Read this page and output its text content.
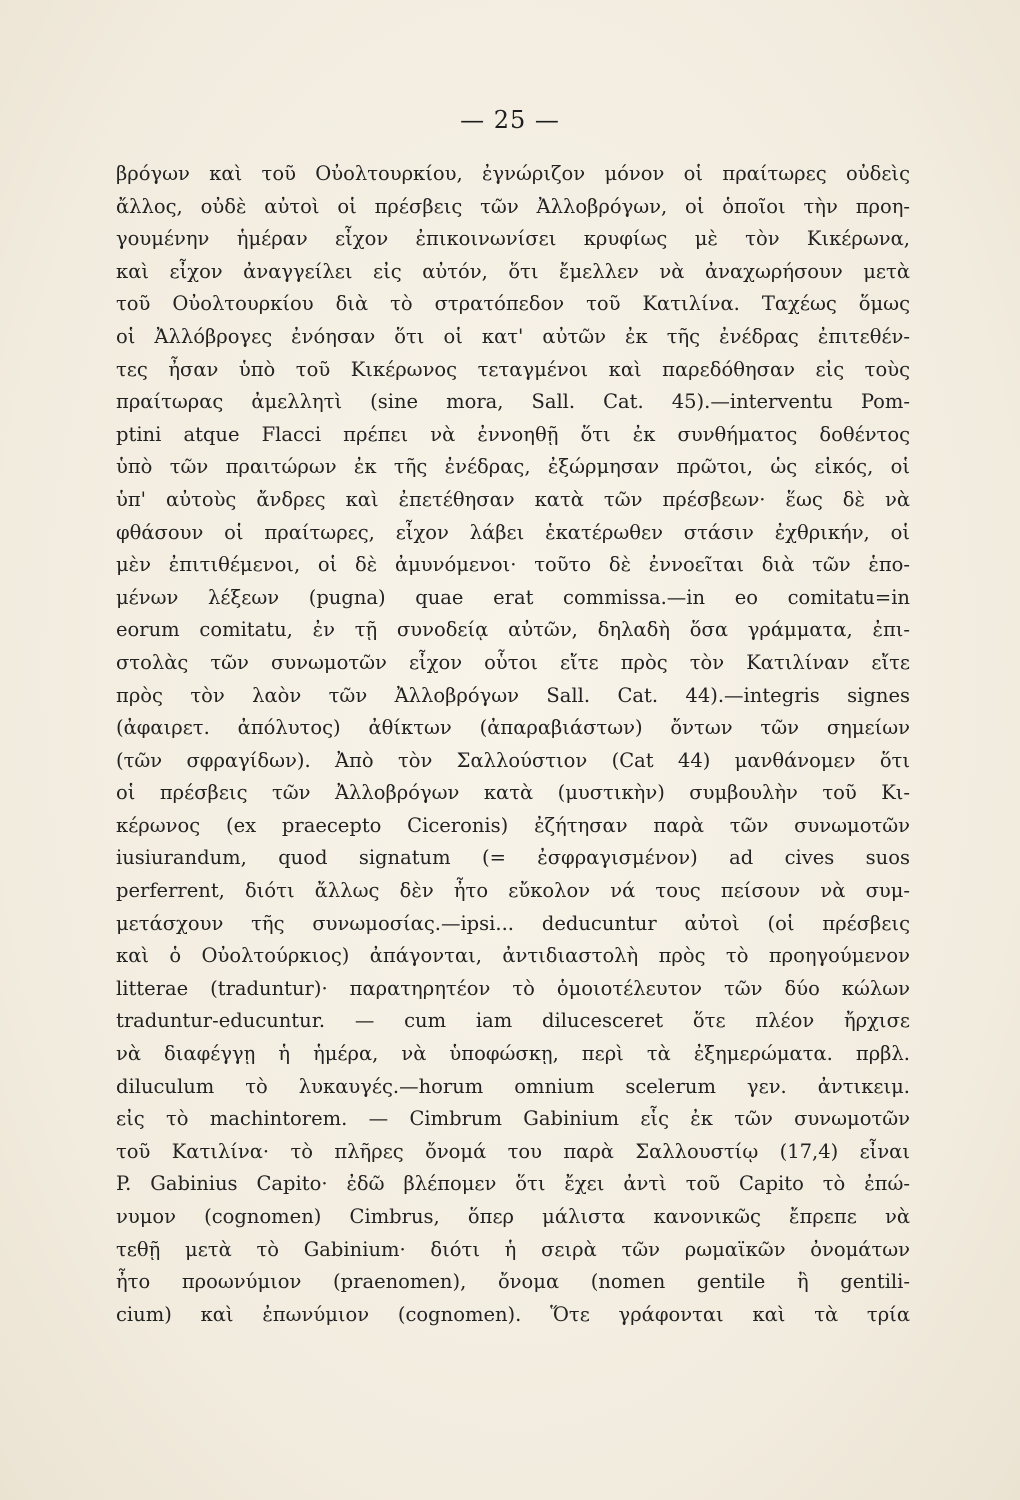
— 25 —
βρόγων καὶ τοῦ Οὐολτουρκίου, ἐγνώριζον μόνον οἱ πραίτωρες οὐδεὶς
ἄλλος, οὐδὲ αὐτοὶ οἱ πρέσβεις τῶν Ἀλλοβρόγων, οἱ ὁποῖοι τὴν προη-
γουμένην ἡμέραν εἶχον ἐπικοινωνίσει κρυφίως μὲ τὸν Κικέρωνα,
καὶ εἶχον ἀναγγείλει εἰς αὐτόν, ὅτι ἔμελλεν νὰ ἀναχωρήσουν μετὰ
τοῦ Οὐολτουρκίου διὰ τὸ στρατόπεδον τοῦ Κατιλίνα. Ταχέως ὅμως
οἱ Ἀλλόβρογες ἐνόησαν ὅτι οἱ κατ' αὐτῶν ἐκ τῆς ἐνέδρας ἐπιτεθέν-
τες ἦσαν ὑπὸ τοῦ Κικέρωνος τεταγμένοι καὶ παρεδόθησαν εἰς τοὺς
πραίτωρας ἀμελλητὶ (sine mora, Sall. Cat. 45).—interventu Pom-
ptini atque Flacci πρέπει νὰ ἐννοηθῇ ὅτι ἐκ συνθήματος δοθέντος
ὑπὸ τῶν πραιτώρων ἐκ τῆς ἐνέδρας, ἐξώρμησαν πρῶτοι, ὡς εἰκός, οἱ
ὑπ' αὐτοὺς ἄνδρες καὶ ἐπετέθησαν κατὰ τῶν πρέσβεων· ἕως δὲ νὰ
φθάσουν οἱ πραίτωρες, εἶχον λάβει ἑκατέρωθεν στάσιν ἐχθρικήν, οἱ
μὲν ἐπιτιθέμενοι, οἱ δὲ ἀμυνόμενοι· τοῦτο δὲ ἐννοεῖται διὰ τῶν ἑπο-
μένων λέξεων (pugna) quae erat commissa.—in eo comitatu=in
eorum comitatu, ἐν τῇ συνοδείᾳ αὐτῶν, δηλαδὴ ὅσα γράμματα, ἐπι-
στολὰς τῶν συνωμοτῶν εἶχον οὗτοι εἴτε πρὸς τὸν Κατιλίναν εἴτε
πρὸς τὸν λαὸν τῶν Ἀλλοβρόγων Sall. Cat. 44).—integris signes
(ἀφαιρετ. ἀπόλυτος) ἀθίκτων (ἀπαραβιάστων) ὄντων τῶν σημείων
(τῶν σφραγίδων). Ἀπὸ τὸν Σαλλούστιον (Cat 44) μανθάνομεν ὅτι
οἱ πρέσβεις τῶν Ἀλλοβρόγων κατὰ (μυστικὴν) συμβουλὴν τοῦ Κι-
κέρωνος (ex praecepto Ciceronis) ἐζήτησαν παρὰ τῶν συνωμοτῶν
iusiurandum, quod signatum (= ἐσφραγισμένον) ad cives suos
perferrent, διότι ἄλλως δὲν ἦτο εὔκολον νά τους πείσουν νὰ συμ-
μετάσχουν τῆς συνωμοσίας.—ipsi... deducuntur αὐτοὶ (οἱ πρέσβεις
καὶ ὁ Οὐολτούρκιος) ἀπάγονται, ἀντιδιαστολὴ πρὸς τὸ προηγούμενον
litterae (traduntur)· παρατηρητέον τὸ ὁμοιοτέλευτον τῶν δύο κώλων
traduntur-educuntur. — cum iam dilucesceret ὅτε πλέον ἤρχισε
νὰ διαφέγγῃ ἡ ἡμέρα, νὰ ὑποφώσκῃ, περὶ τὰ ἐξημερώματα. πρβλ.
diluculum τὸ λυκαυγές.—horum omnium scelerum γεν. ἀντικειμ.
εἰς τὸ machintorem. — Cimbrum Gabinium εἷς ἐκ τῶν συνωμοτῶν
τοῦ Κατιλίνα· τὸ πλῆρες ὄνομά του παρὰ Σαλλουστίῳ (17,4) εἶναι
P. Gabinius Capito· ἐδῶ βλέπομεν ὅτι ἔχει ἀντὶ τοῦ Capito τὸ ἐπώ-
νυμον (cognomen) Cimbrus, ὅπερ μάλιστα κανονικῶς ἔπρεπε νὰ
τεθῇ μετὰ τὸ Gabinium· διότι ἡ σειρὰ τῶν ρωμαϊκῶν ὀνομάτων
ἦτο προωνύμιον (praenomen), ὄνομα (nomen gentile ἢ gentili-
cium) καὶ ἐπωνύμιον (cognomen). Ὅτε γράφονται καὶ τὰ τρία
